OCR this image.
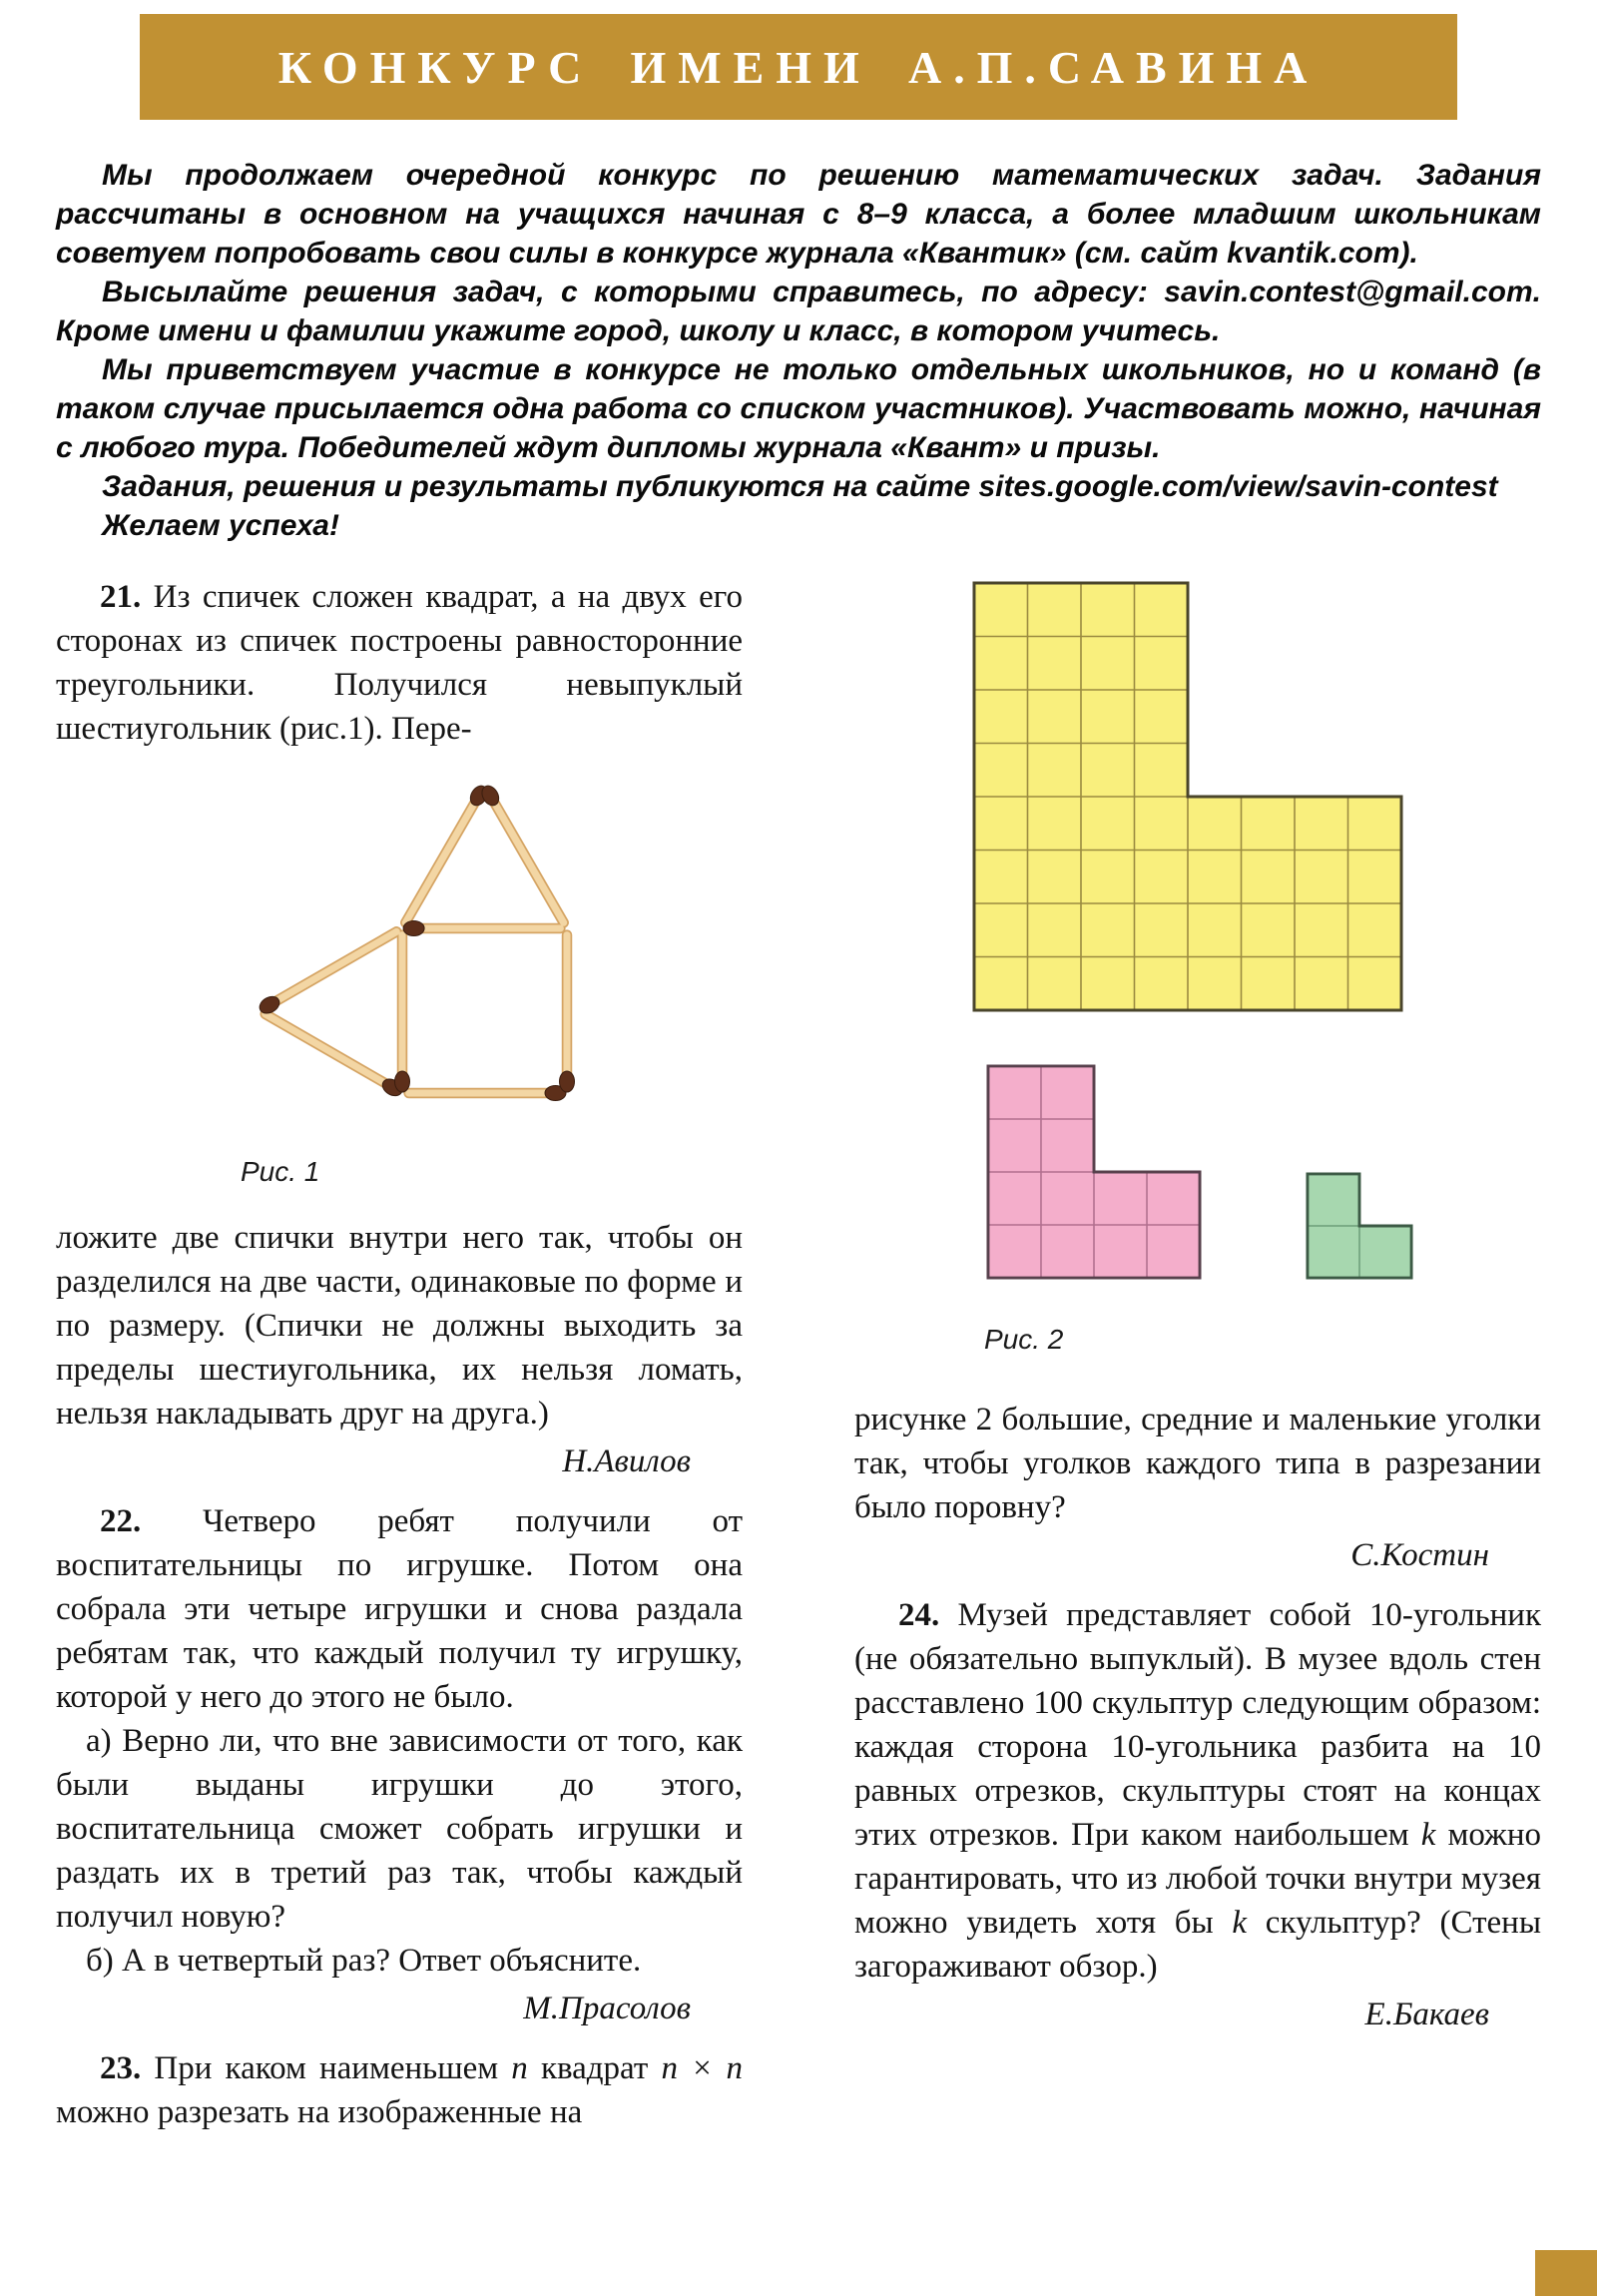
КОНКУРС ИМЕНИ А.П.САВИНА

Мы продолжаем очередной конкурс по решению математических задач. Задания рассчитаны в основном на учащихся начиная с 8–9 класса, а более младшим школьникам советуем попробовать свои силы в конкурсе журнала «Квантик» (см. сайт kvantik.com).

Высылайте решения задач, с которыми справитесь, по адресу: savin.contest@gmail.com. Кроме имени и фамилии укажите город, школу и класс, в котором учитесь.

Мы приветствуем участие в конкурсе не только отдельных школьников, но и команд (в таком случае присылается одна работа со списком участников). Участвовать можно, начиная с любого тура. Победителей ждут дипломы журнала «Квант» и призы.

Задания, решения и результаты публикуются на сайте sites.google.com/view/savin-contest

Желаем успеха!

21. Из спичек сложен квадрат, а на двух его сторонах из спичек построены равносторонние треугольники. Получился невыпуклый шестиугольник (рис.1). Пере-

Рис. 1

ложите две спички внутри него так, чтобы он разделился на две части, одинаковые по форме и по размеру. (Спички не должны выходить за пределы шестиугольника, их нельзя ломать, нельзя накладывать друг на друга.)

Н.Авилов

22. Четверо ребят получили от воспитательницы по игрушке. Потом она собрала эти четыре игрушки и снова раздала ребятам так, что каждый получил ту игрушку, которой у него до этого не было.

а) Верно ли, что вне зависимости от того, как были выданы игрушки до этого, воспитательница сможет собрать игрушки и раздать их в третий раз так, чтобы каждый получил новую?

б) А в четвертый раз? Ответ объясните.

М.Прасолов

23. При каком наименьшем n квадрат n × n можно разрезать на изображенные на

Рис. 2

рисунке 2 большие, средние и маленькие уголки так, чтобы уголков каждого типа в разрезании было поровну?

С.Костин

24. Музей представляет собой 10-угольник (не обязательно выпуклый). В музее вдоль стен расставлено 100 скульптур следующим образом: каждая сторона 10-угольника разбита на 10 равных отрезков, скульптуры стоят на концах этих отрезков. При каком наибольшем k можно гарантировать, что из любой точки внутри музея можно увидеть хотя бы k скульптур? (Стены загораживают обзор.)

Е.Бакаев
